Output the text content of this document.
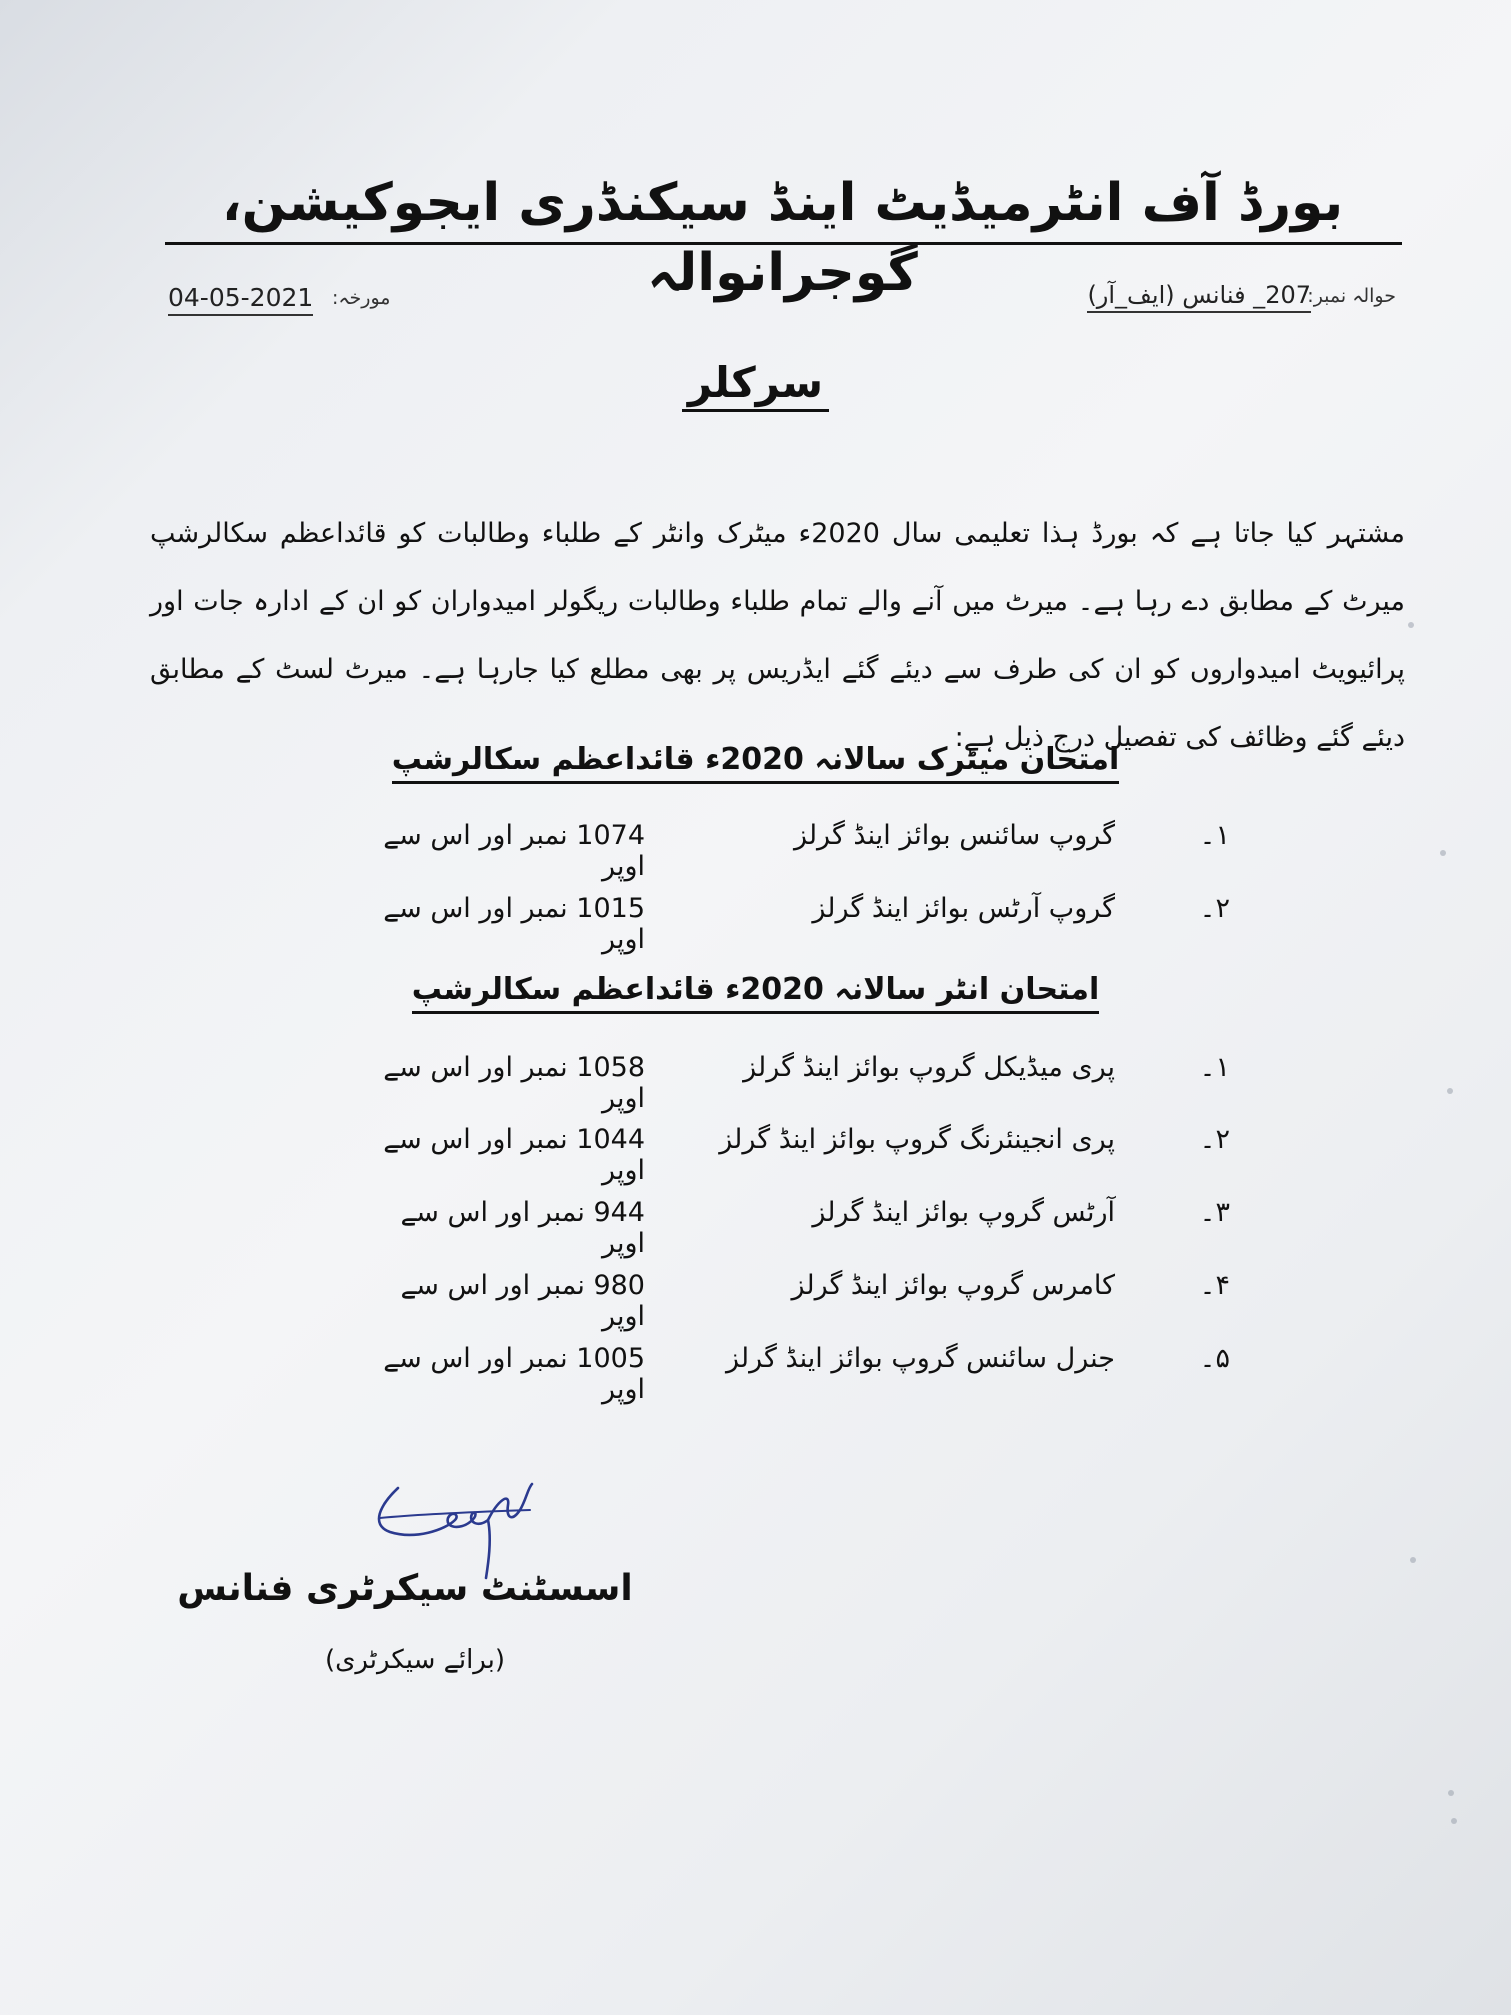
بورڈ آف انٹرمیڈیٹ اینڈ سیکنڈری ایجوکیشن، گوجرانوالہ	حوالہ نمبر:
207_ فنانس (ایف_آر)
مورخہ:
04-05-2021
سرکلر
مشتہر کیا جاتا ہے کہ بورڈ ہذا تعلیمی سال 2020ء میٹرک وانٹر کے طلباء وطالبات کو قائداعظم سکالرشپ میرٹ کے مطابق دے رہا ہے۔ میرٹ میں آنے والے تمام طلباء وطالبات ریگولر امیدواران کو ان کے ادارہ جات اور پرائیویٹ امیدواروں کو ان کی طرف سے دیئے گئے ایڈریس پر بھی مطلع کیا جارہا ہے۔ میرٹ لسٹ کے مطابق دیئے گئے وظائف کی تفصیل درج ذیل ہے:
امتحان میٹرک سالانہ 2020ء قائداعظم سکالرشپ
۱۔
گروپ سائنس بوائز اینڈ گرلز
1074 نمبر اور اس سے اوپر
۲۔
گروپ آرٹس بوائز اینڈ گرلز
1015 نمبر اور اس سے اوپر
امتحان انٹر سالانہ 2020ء قائداعظم سکالرشپ
۱۔
پری میڈیکل گروپ بوائز اینڈ گرلز
1058 نمبر اور اس سے اوپر
۲۔
پری انجینئرنگ گروپ بوائز اینڈ گرلز
1044 نمبر اور اس سے اوپر
۳۔
آرٹس گروپ بوائز اینڈ گرلز
944 نمبر اور اس سے اوپر
۴۔
کامرس گروپ بوائز اینڈ گرلز
980 نمبر اور اس سے اوپر
۵۔
جنرل سائنس گروپ بوائز اینڈ گرلز
1005 نمبر اور اس سے اوپر
اسسٹنٹ سیکرٹری فنانس
(برائے سیکرٹری)
